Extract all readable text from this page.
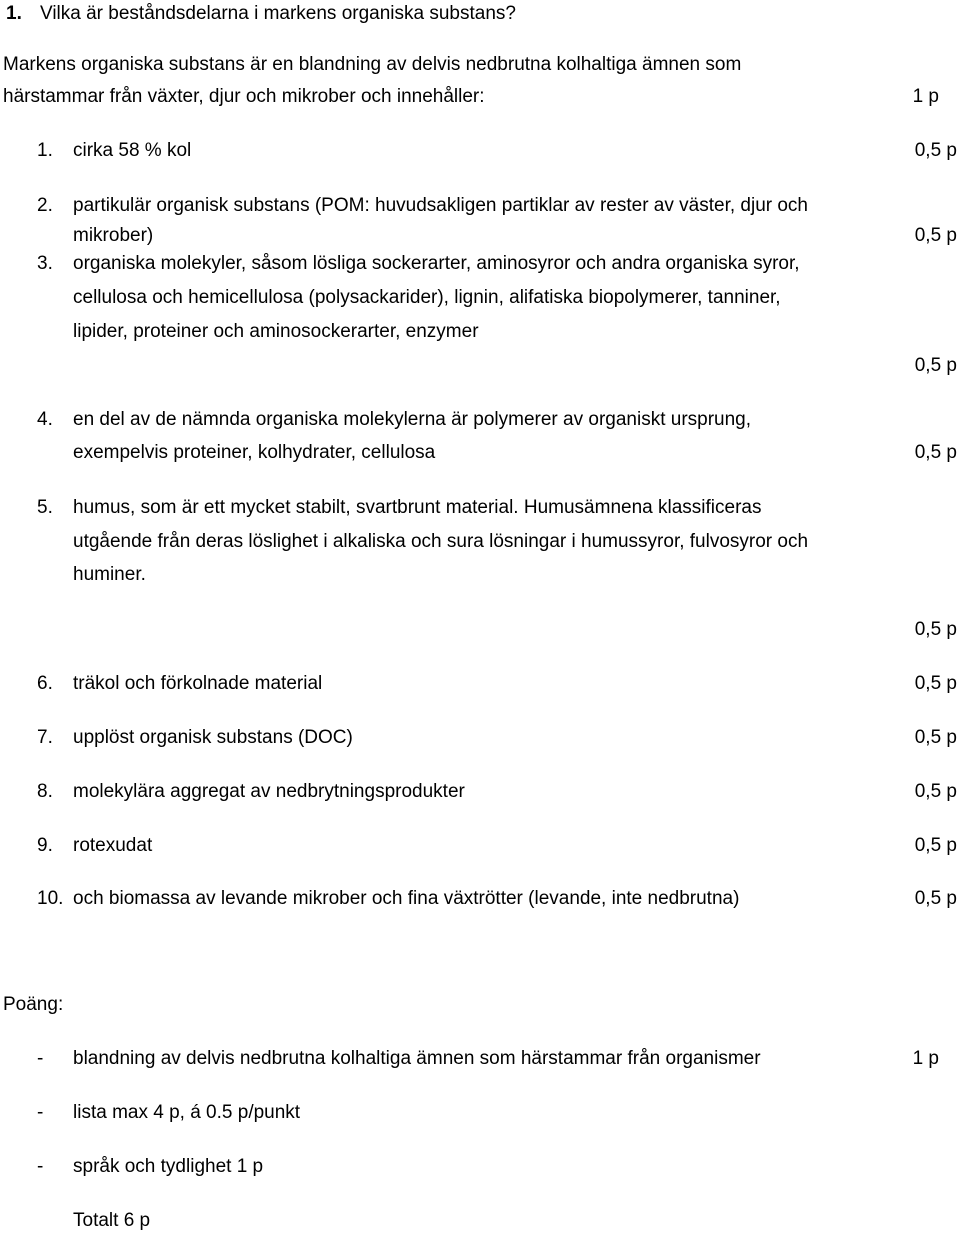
1. Vilka är beståndsdelarna i markens organiska substans?
Markens organiska substans är en blandning av delvis nedbrutna kolhaltiga ämnen som
härstammar från växter, djur och mikrober och innehåller:	1 p
1. cirka 58 % kol	0,5 p
2. partikulär organisk substans (POM: huvudsakligen partiklar av rester av väster, djur och
mikrober)	0,5 p
3. organiska molekyler, såsom lösliga sockerarter, aminosyror och andra organiska syror,
cellulosa och hemicellulosa (polysackarider), lignin, alifatiska biopolymerer, tanniner,
lipider, proteiner och aminosockerarter, enzymer
0,5 p
4. en del av de nämnda organiska molekylerna är polymerer av organiskt ursprung,
exempelvis proteiner, kolhydrater, cellulosa	0,5 p
5. humus, som är ett mycket stabilt, svartbrunt material. Humusämnena klassificeras
utgående från deras löslighet i alkaliska och sura lösningar i humussyror, fulvosyror och
huminer.
0,5 p
6. träkol och förkolnade material	0,5 p
7. upplöst organisk substans (DOC)	0,5 p
8. molekylära aggregat av nedbrytningsprodukter	0,5 p
9. rotexudat	0,5 p
10. och biomassa av levande mikrober och fina växtrötter (levande, inte nedbrutna)	0,5 p
Poäng:
- blandning av delvis nedbrutna kolhaltiga ämnen som härstammar från organismer	1 p
- lista max 4 p, á 0.5 p/punkt
- språk och tydlighet 1 p
Totalt 6 p
